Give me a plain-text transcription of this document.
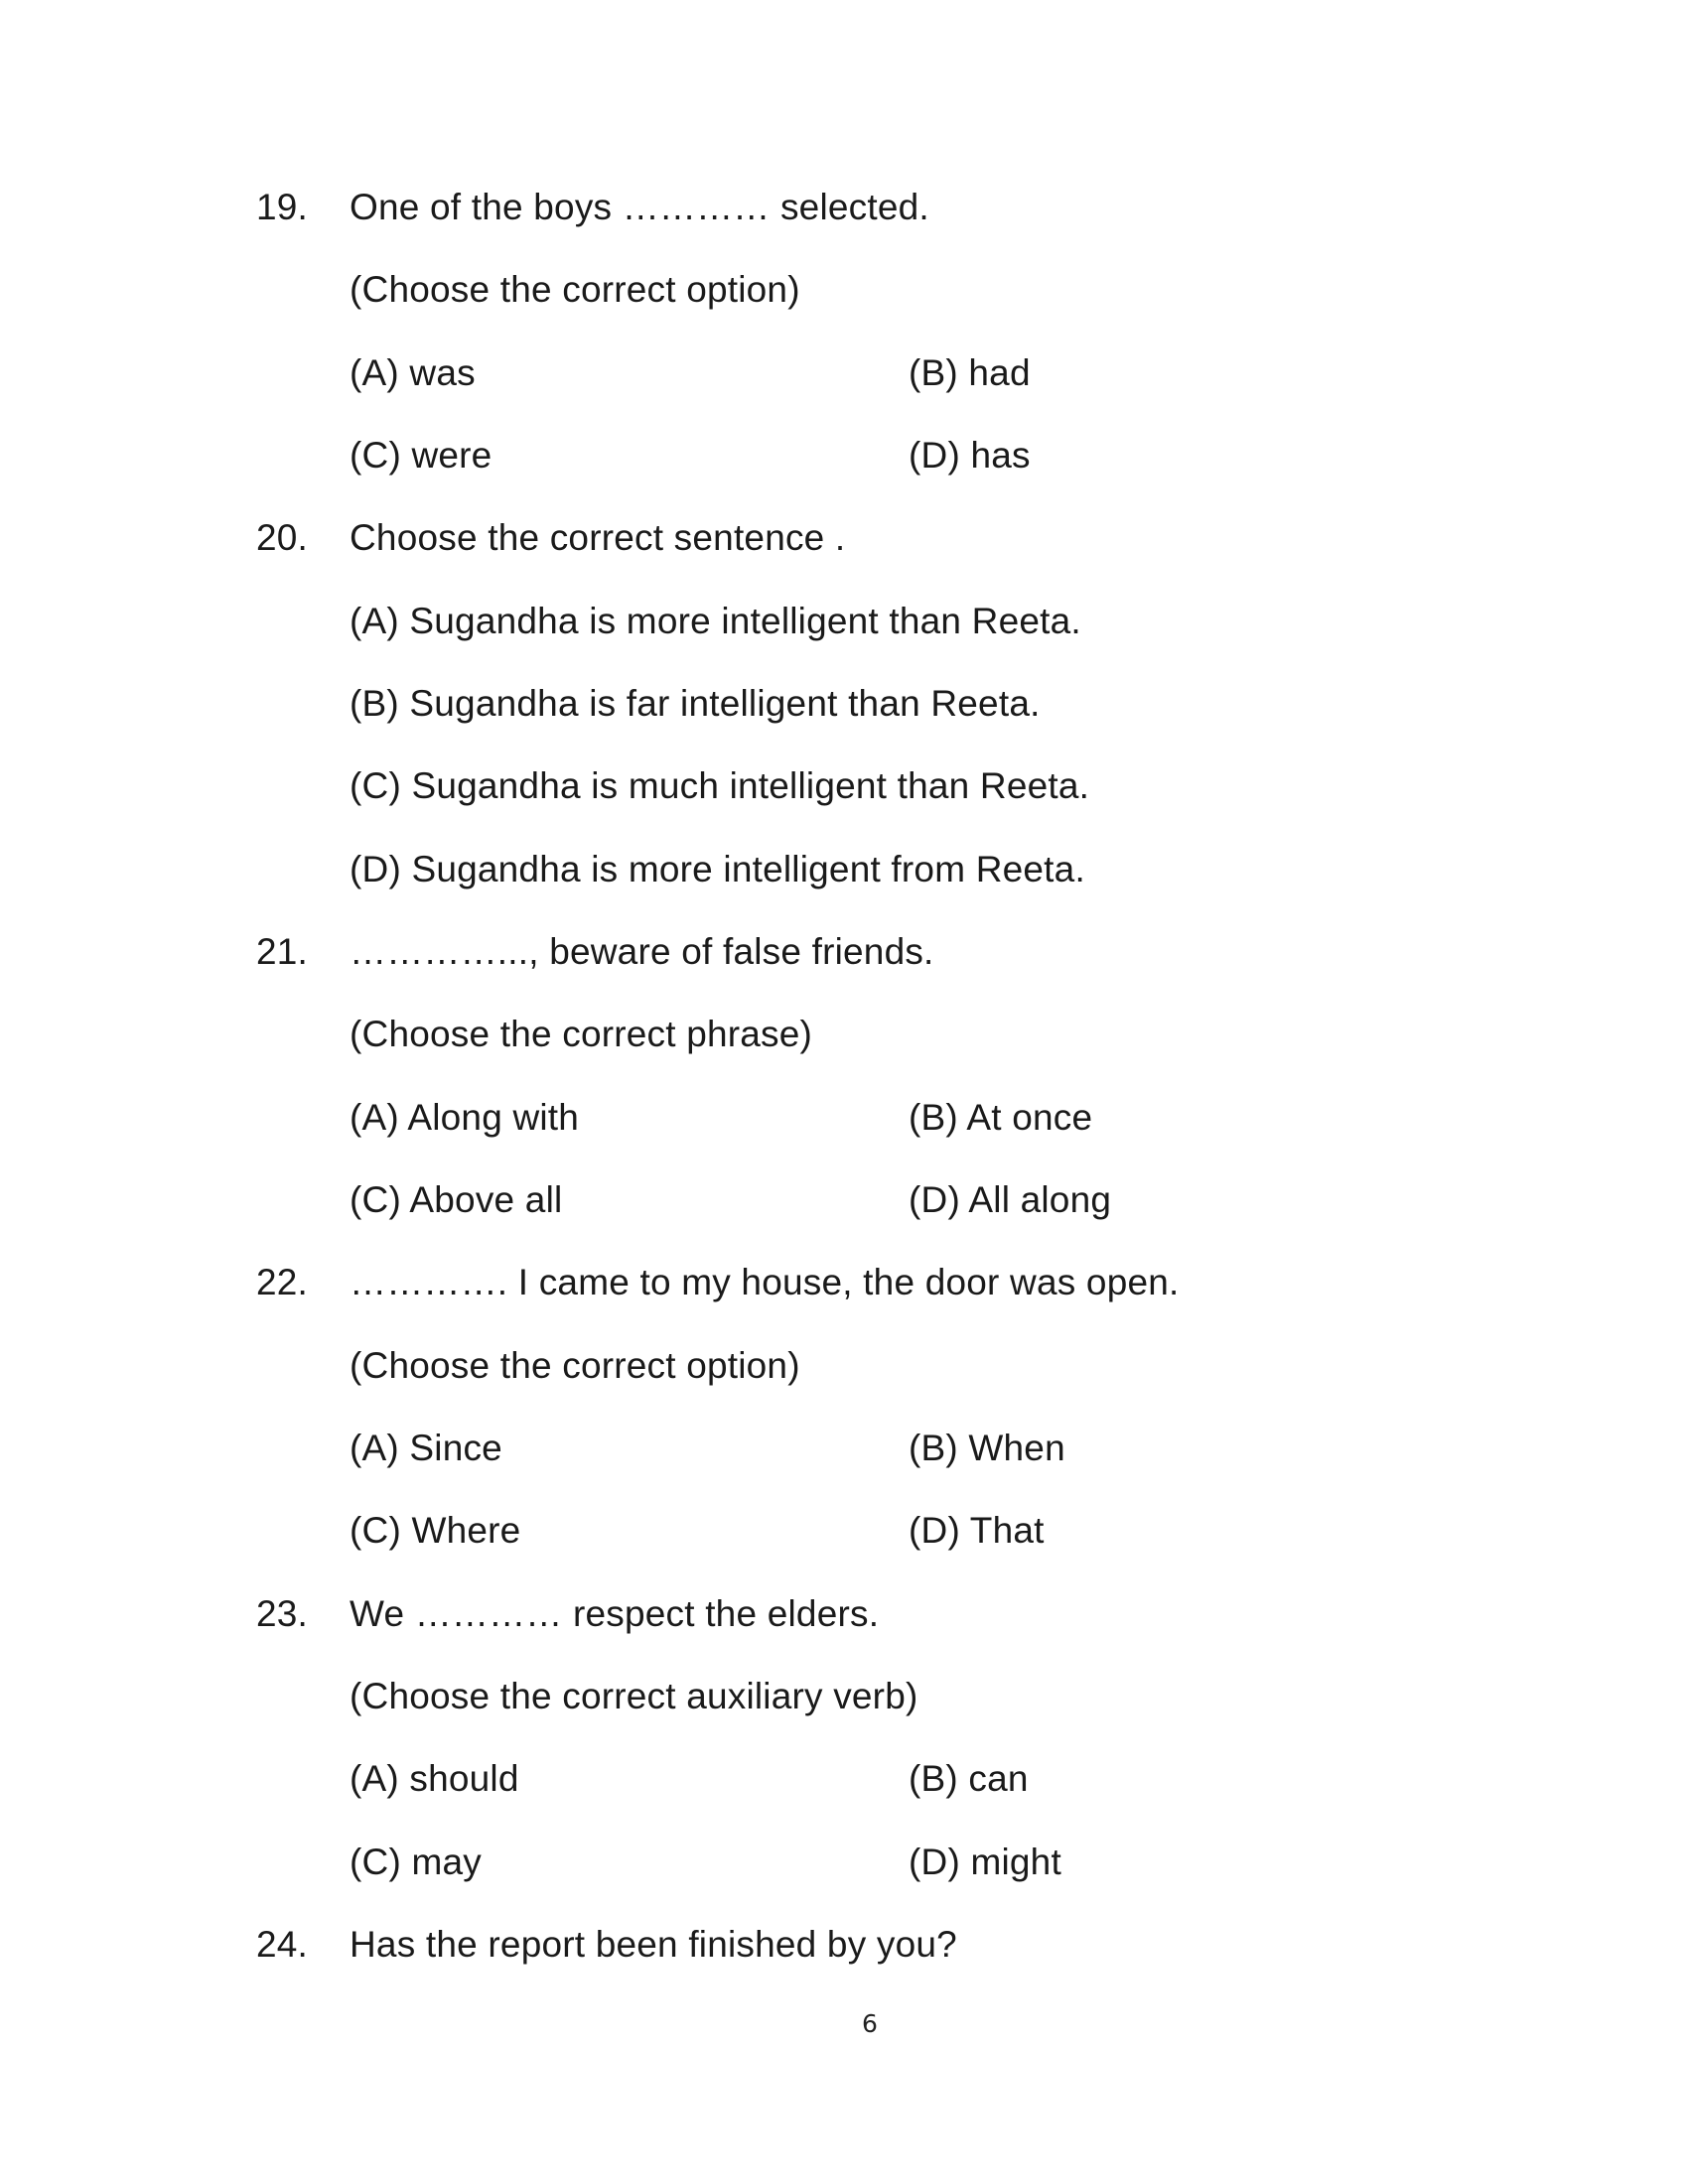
19. One of the boys ………… selected.
(Choose the correct option)
(A) was	(B) had
(C) were	(D) has
20. Choose the correct sentence .
(A) Sugandha is more intelligent than Reeta.
(B) Sugandha is far intelligent than Reeta.
(C) Sugandha is much intelligent than Reeta.
(D) Sugandha is more intelligent from Reeta.
21. …………..., beware of false friends.
(Choose the correct phrase)
(A) Along with	(B) At once
(C) Above all	(D) All along
22. …………. I came to my house, the door was open.
(Choose the correct option)
(A) Since	(B) When
(C) Where	(D) That
23. We ………… respect the elders.
(Choose the correct auxiliary verb)
(A) should	(B) can
(C) may	(D) might
24. Has the report been finished by you?
6
